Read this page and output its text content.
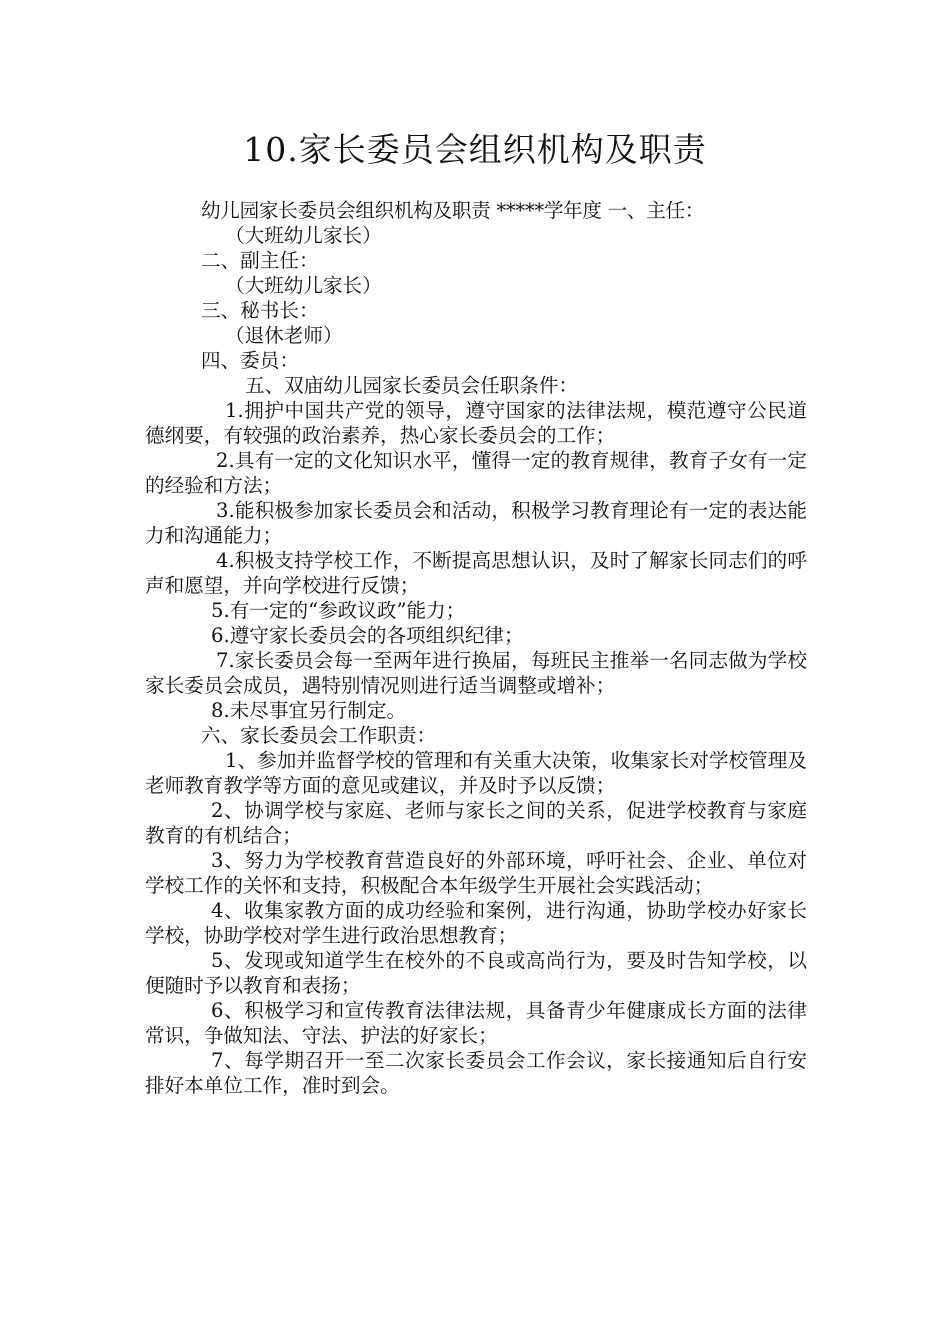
10.家长委员会组织机构及职责
幼儿园家长委员会组织机构及职责 *****学年度 一、主任：
（大班幼儿家长）
二、副主任：
（大班幼儿家长）
三、秘书长：
（退休老师）
四、委员：
五、双庙幼儿园家长委员会任职条件：
1.拥护中国共产党的领导，遵守国家的法律法规，模范遵守公民道德纲要，有较强的政治素养，热心家长委员会的工作；
2.具有一定的文化知识水平，懂得一定的教育规律，教育子女有一定的经验和方法；
3.能积极参加家长委员会和活动，积极学习教育理论有一定的表达能力和沟通能力；
4.积极支持学校工作，不断提高思想认识，及时了解家长同志们的呼声和愿望，并向学校进行反馈；
5.有一定的“参政议政”能力；
6.遵守家长委员会的各项组织纪律；
7.家长委员会每一至两年进行换届，每班民主推举一名同志做为学校家长委员会成员，遇特别情况则进行适当调整或增补；
8.未尽事宜另行制定。
六、家长委员会工作职责：
1、参加并监督学校的管理和有关重大决策，收集家长对学校管理及老师教育教学等方面的意见或建议，并及时予以反馈；
2、协调学校与家庭、老师与家长之间的关系，促进学校教育与家庭教育的有机结合；
3、努力为学校教育营造良好的外部环境，呼吁社会、企业、单位对学校工作的关怀和支持，积极配合本年级学生开展社会实践活动；
4、收集家教方面的成功经验和案例，进行沟通，协助学校办好家长学校，协助学校对学生进行政治思想教育；
5、发现或知道学生在校外的不良或高尚行为，要及时告知学校，以便随时予以教育和表扬；
6、积极学习和宣传教育法律法规，具备青少年健康成长方面的法律常识，争做知法、守法、护法的好家长；
7、每学期召开一至二次家长委员会工作会议，家长接通知后自行安排好本单位工作，准时到会。
